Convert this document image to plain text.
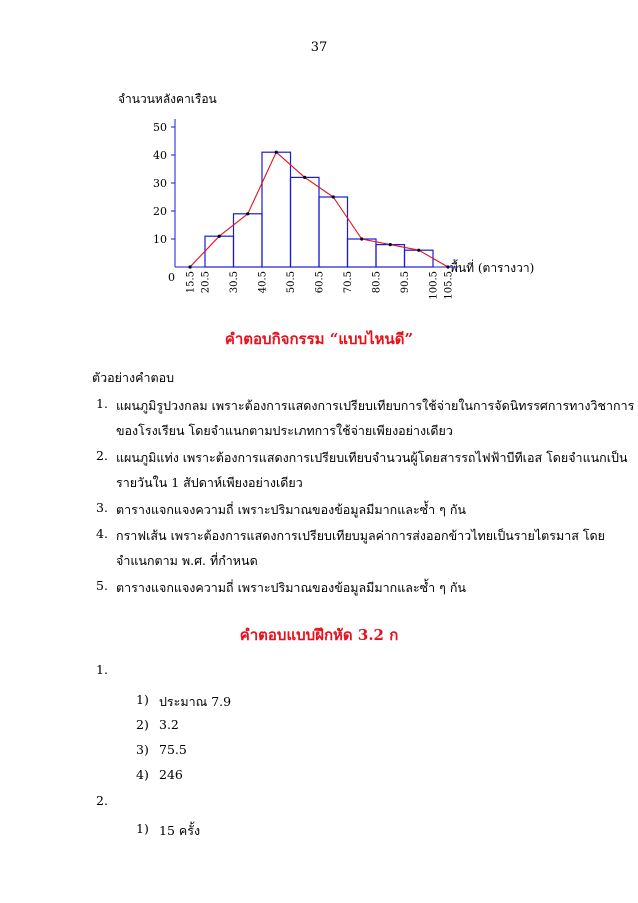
37
จำนวนหลังคาเรือน
พื้นที่ (ตารางวา)
0
10
20
30
40
50
15.5 20.5 30.5 40.5 50.5 60.5 70.5 80.5 90.5 100.5 105.5
คำตอบกิจกรรม “แบบไหนดี”
ตัวอย่างคำตอบ
1. แผนภูมิรูปวงกลม เพราะต้องการแสดงการเปรียบเทียบการใช้จ่ายในการจัดนิทรรศการทางวิชาการ
ของโรงเรียน โดยจำแนกตามประเภทการใช้จ่ายเพียงอย่างเดียว
2. แผนภูมิแท่ง เพราะต้องการแสดงการเปรียบเทียบจำนวนผู้โดยสารรถไฟฟ้าบีทีเอส โดยจำแนกเป็น
รายวันใน 1 สัปดาห์เพียงอย่างเดียว
3. ตารางแจกแจงความถี่ เพราะปริมาณของข้อมูลมีมากและซ้ำ ๆ กัน
4. กราฟเส้น เพราะต้องการแสดงการเปรียบเทียบมูลค่าการส่งออกข้าวไทยเป็นรายไตรมาส โดย
จำแนกตาม พ.ศ. ที่กำหนด
5. ตารางแจกแจงความถี่ เพราะปริมาณของข้อมูลมีมากและซ้ำ ๆ กัน
คำตอบแบบฝึกหัด 3.2 ก
1.
1) ประมาณ 7.9
2) 3.2
3) 75.5
4) 246
2.
1) 15 ครั้ง
